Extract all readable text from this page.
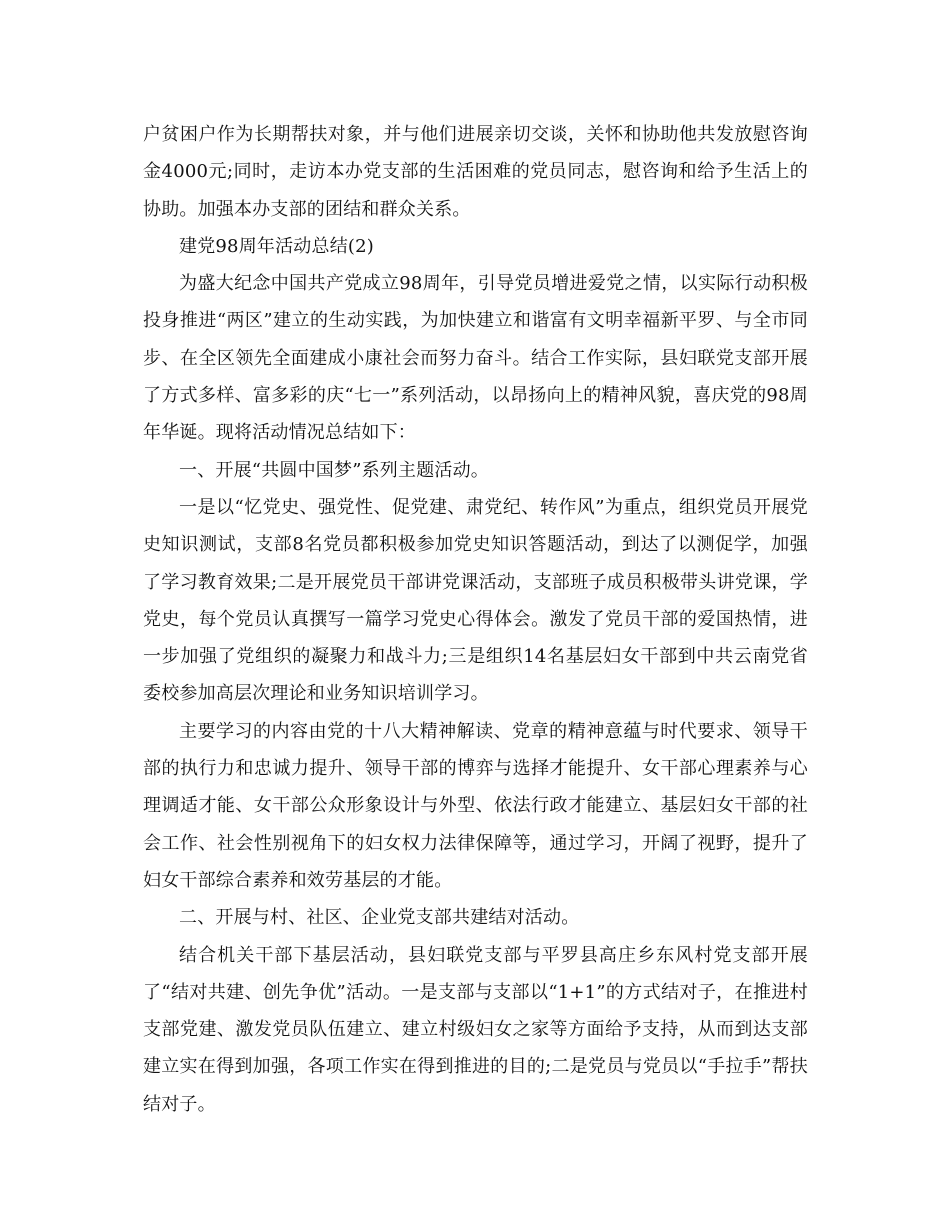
户贫困户作为长期帮扶对象，并与他们进展亲切交谈，关怀和协助他共发放慰咨询金4000元;同时，走访本办党支部的生活困难的党员同志，慰咨询和给予生活上的协助。加强本办支部的团结和群众关系。

建党98周年活动总结(2)

为盛大纪念中国共产党成立98周年，引导党员增进爱党之情，以实际行动积极投身推进“两区”建立的生动实践，为加快建立和谐富有文明幸福新平罗、与全市同步、在全区领先全面建成小康社会而努力奋斗。结合工作实际，县妇联党支部开展了方式多样、富多彩的庆“七一”系列活动，以昂扬向上的精神风貌，喜庆党的98周年华诞。现将活动情况总结如下：

一、开展“共圆中国梦”系列主题活动。

一是以“忆党史、强党性、促党建、肃党纪、转作风”为重点，组织党员开展党史知识测试，支部8名党员都积极参加党史知识答题活动，到达了以测促学，加强了学习教育效果;二是开展党员干部讲党课活动，支部班子成员积极带头讲党课，学党史，每个党员认真撰写一篇学习党史心得体会。激发了党员干部的爱国热情，进一步加强了党组织的凝聚力和战斗力;三是组织14名基层妇女干部到中共云南党省委校参加高层次理论和业务知识培训学习。

主要学习的内容由党的十八大精神解读、党章的精神意蕴与时代要求、领导干部的执行力和忠诚力提升、领导干部的博弈与选择才能提升、女干部心理素养与心理调适才能、女干部公众形象设计与外型、依法行政才能建立、基层妇女干部的社会工作、社会性别视角下的妇女权力法律保障等，通过学习，开阔了视野，提升了妇女干部综合素养和效劳基层的才能。

二、开展与村、社区、企业党支部共建结对活动。

结合机关干部下基层活动，县妇联党支部与平罗县高庄乡东风村党支部开展了“结对共建、创先争优”活动。一是支部与支部以“1+1”的方式结对子，在推进村支部党建、激发党员队伍建立、建立村级妇女之家等方面给予支持，从而到达支部建立实在得到加强，各项工作实在得到推进的目的;二是党员与党员以“手拉手”帮扶结对子。
